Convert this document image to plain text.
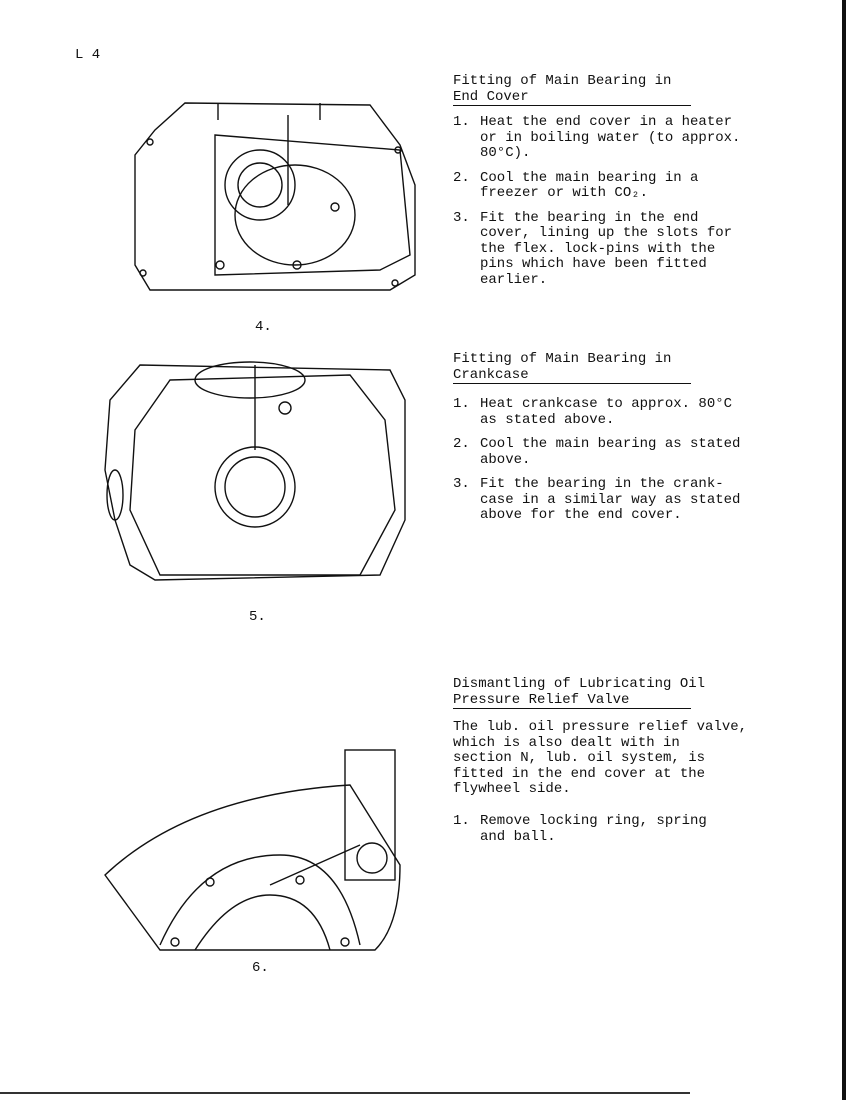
L 4
4.
5.
6.
Fitting of Main Bearing in
End Cover
1. Heat the end cover in a heater
or in boiling water (to approx.
80°C).
2. Cool the main bearing in a
freezer or with CO₂.
3. Fit the bearing in the end
cover, lining up the slots for
the flex. lock-pins with the
pins which have been fitted
earlier.
Fitting of Main Bearing in
Crankcase
1. Heat crankcase to approx. 80°C
as stated above.
2. Cool the main bearing as stated
above.
3. Fit the bearing in the crank-
case in a similar way as stated
above for the end cover.
Dismantling of Lubricating Oil
Pressure Relief Valve

The lub. oil pressure relief valve,
which is also dealt with in
section N, lub. oil system, is
fitted in the end cover at the
flywheel side.

1. Remove locking ring, spring
and ball.
